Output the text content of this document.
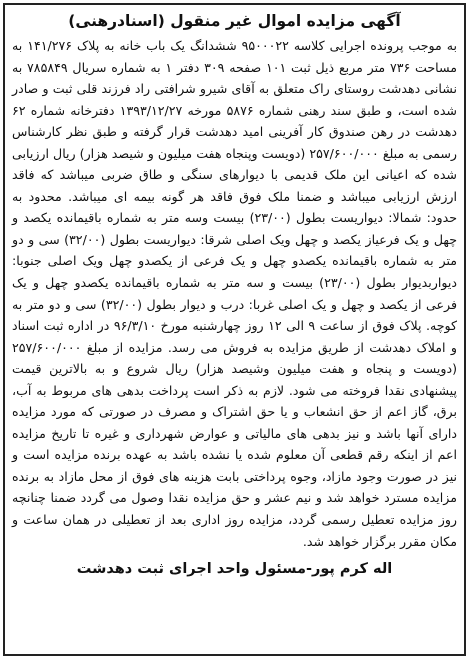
آگهی مزایده اموال غیر منقول (اسنادرهنی)
به موجب پرونده اجرایی کلاسه ۹۵۰۰۰۲۲ ششدانگ یک باب خانه به پلاک ۱۴۱/۲۷۶ به مساحت ۷۳۶ متر مربع ذیل ثبت ۱۰۱ صفحه ۳۰۹ دفتر ۱ به شماره سریال ۷۸۵۸۴۹ به نشانی دهدشت روستای راک متعلق به آقای شیرو شرافتی راد فرزند قلی ثبت و صادر شده است، و طبق سند رهنی شماره ۵۸۷۶ مورخه ۱۳۹۳/۱۲/۲۷ دفترخانه شماره ۶۲ دهدشت در رهن صندوق کار آفرینی امید دهدشت قرار گرفته و طبق نظر کارشناس رسمی به مبلغ ۲۵۷/۶۰۰/۰۰۰ (دویست وپنجاه هفت میلیون و شیصد هزار) ریال ارزیابی شده که اعیانی این ملک قدیمی با دیوارهای سنگی و طاق ضربی میباشد که فاقد ارزش ارزیابی میباشد و ضمنا ملک فوق فاقد هر گونه بیمه ای میباشد. محدود به حدود: شمالا: دیواریست بطول (۲۳/۰۰) بیست وسه متر به شماره باقیمانده یکصد و چهل و یک فرعیاز یکصد و چهل ویک اصلی شرقا: دیواریست بطول (۳۲/۰۰) سی و دو متر به شماره باقیمانده یکصدو چهل و یک فرعی از یکصدو چهل ویک اصلی جنوبا: دیواربدیوار بطول (۲۳/۰۰) بیست و سه متر به شماره باقیمانده یکصدو چهل و یک فرعی از یکصد و چهل و یک اصلی غربا: درب و دیوار بطول (۳۲/۰۰) سی و دو متر به کوچه. پلاک فوق از ساعت ۹ الی ۱۲ روز چهارشنبه مورخ ۹۶/۳/۱۰ در اداره ثبت اسناد و املاک دهدشت از طریق مزایده به فروش می رسد. مزایده از مبلغ ۲۵۷/۶۰۰/۰۰۰ (دویست و پنجاه و هفت میلیون وشیصد هزار) ریال شروع و به بالاترین قیمت پیشنهادی نقدا فروخته می شود. لازم به ذکر است پرداخت بدهی های مربوط به آب، برق، گاز اعم از حق انشعاب و یا حق اشتراک و مصرف در صورتی که مورد مزایده دارای آنها باشد و نیز بدهی های مالیاتی و عوارض شهرداری و غیره تا تاریخ مزایده اعم از اینکه رقم قطعی آن معلوم شده یا نشده باشد به عهده برنده مزایده است و نیز در صورت وجود مازاد، وجوه پرداختی بابت هزینه های فوق از محل مازاد به برنده مزایده مسترد خواهد شد و نیم عشر و حق مزایده نقدا وصول می گردد ضمنا چنانچه روز مزایده تعطیل رسمی گردد، مزایده روز اداری بعد از تعطیلی در همان ساعت و مکان مقرر برگزار خواهد شد.
اله کرم پور-مسئول واحد اجرای ثبت دهدشت
